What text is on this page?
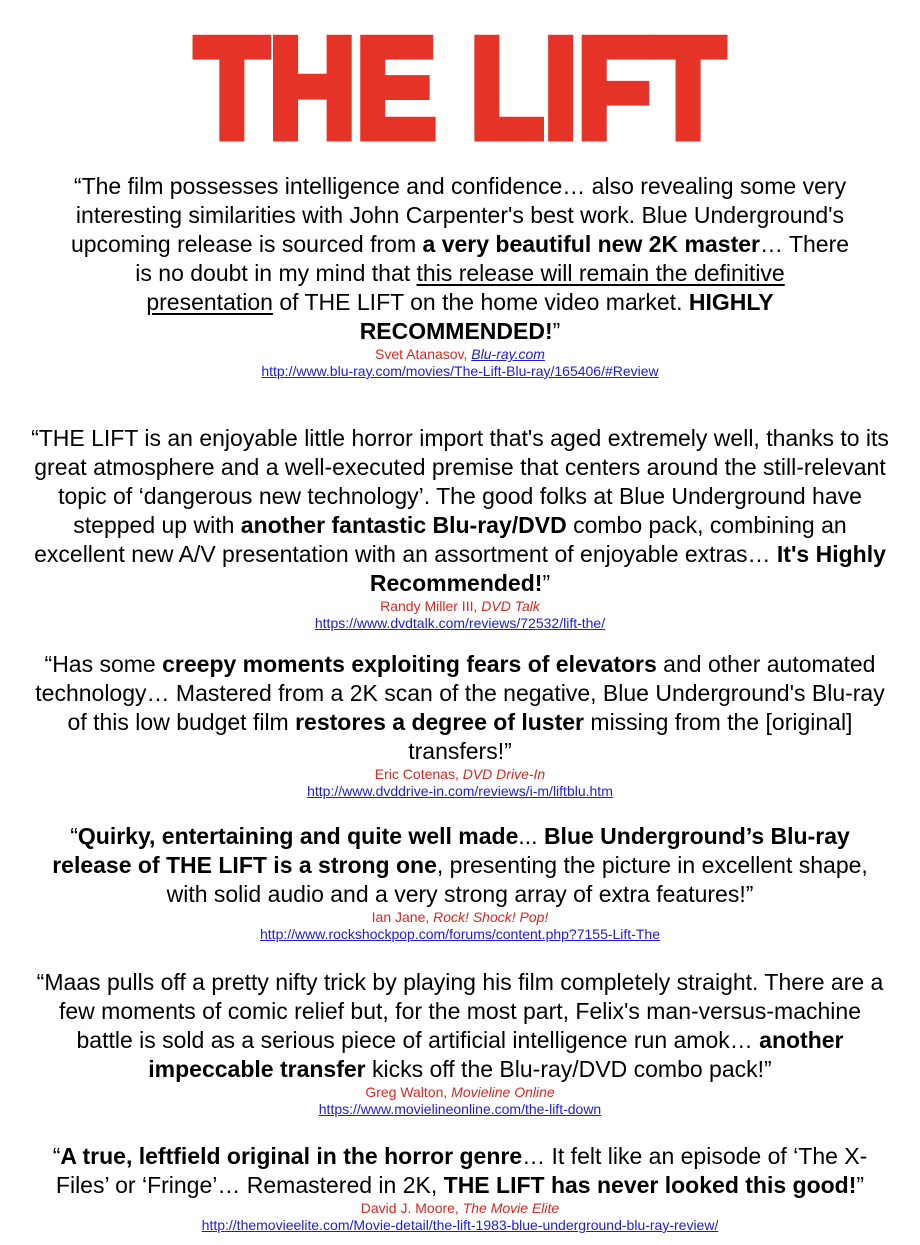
THE LIFT
“The film possesses intelligence and confidence… also revealing some very
interesting similarities with John Carpenter's best work. Blue Underground's
upcoming release is sourced from a very beautiful new 2K master… There
is no doubt in my mind that this release will remain the definitive
presentation of THE LIFT on the home video market. HIGHLY
RECOMMENDED!”
Svet Atanasov, Blu-ray.com
http://www.blu-ray.com/movies/The-Lift-Blu-ray/165406/#Review
“THE LIFT is an enjoyable little horror import that's aged extremely well, thanks to its
great atmosphere and a well-executed premise that centers around the still-relevant
topic of ‘dangerous new technology’. The good folks at Blue Underground have
stepped up with another fantastic Blu-ray/DVD combo pack, combining an
excellent new A/V presentation with an assortment of enjoyable extras… It's Highly
Recommended!”
Randy Miller III, DVD Talk
https://www.dvdtalk.com/reviews/72532/lift-the/
“Has some creepy moments exploiting fears of elevators and other automated
technology… Mastered from a 2K scan of the negative, Blue Underground's Blu-ray
of this low budget film restores a degree of luster missing from the [original]
transfers!”
Eric Cotenas, DVD Drive-In
http://www.dvddrive-in.com/reviews/i-m/liftblu.htm
“Quirky, entertaining and quite well made... Blue Underground’s Blu-ray
release of THE LIFT is a strong one, presenting the picture in excellent shape,
with solid audio and a very strong array of extra features!”
Ian Jane, Rock! Shock! Pop!
http://www.rockshockpop.com/forums/content.php?7155-Lift-The
“Maas pulls off a pretty nifty trick by playing his film completely straight. There are a
few moments of comic relief but, for the most part, Felix's man-versus-machine
battle is sold as a serious piece of artificial intelligence run amok… another
impeccable transfer kicks off the Blu-ray/DVD combo pack!”
Greg Walton, Movieline Online
https://www.movielineonline.com/the-lift-down
“A true, leftfield original in the horror genre… It felt like an episode of ‘The X-
Files’ or ‘Fringe’… Remastered in 2K, THE LIFT has never looked this good!”
David J. Moore, The Movie Elite
http://themovieelite.com/Movie-detail/the-lift-1983-blue-underground-blu-ray-review/
